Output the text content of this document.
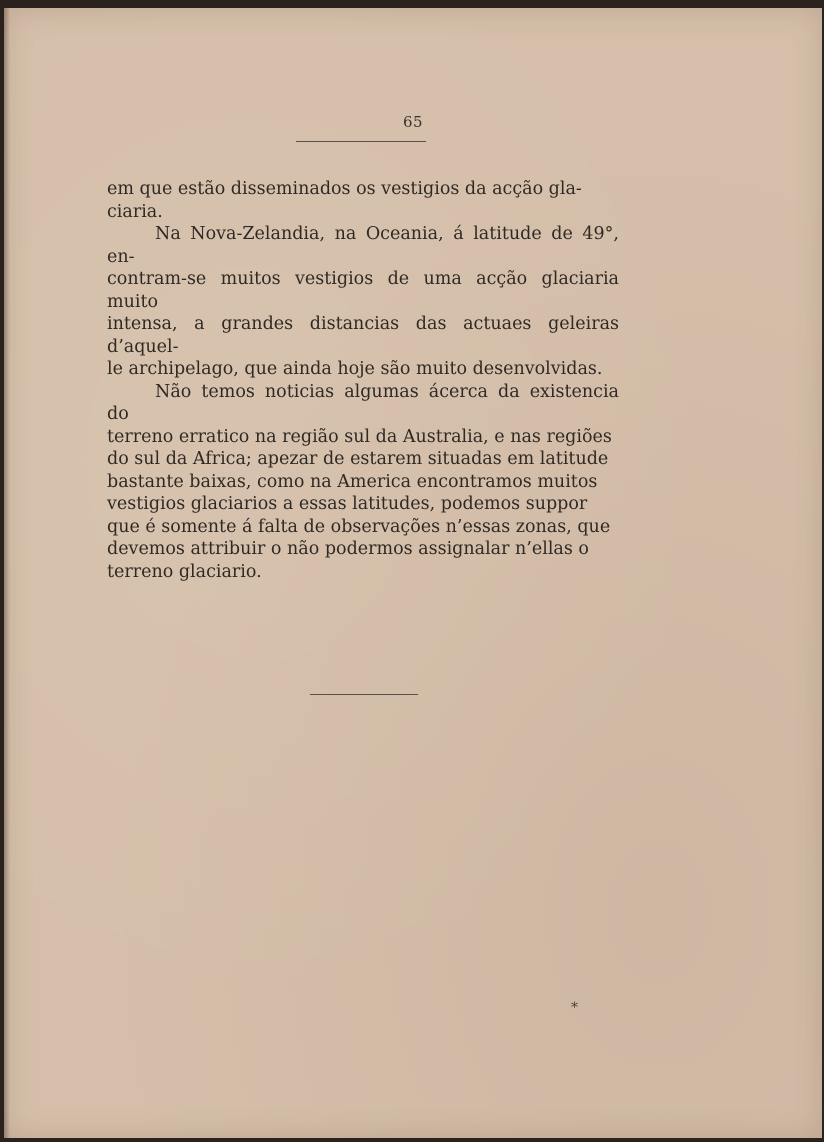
65

em que estão disseminados os vestigios da acção gla-
ciaria.

Na Nova-Zelandia, na Oceania, á latitude de 49°, en-
contram-se muitos vestigios de uma acção glaciaria muito
intensa, a grandes distancias das actuaes geleiras d’aquel-
le archipelago, que ainda hoje são muito desenvolvidas.

Não temos noticias algumas ácerca da existencia do
terreno erratico na região sul da Australia, e nas regiões
do sul da Africa; apezar de estarem situadas em latitude
bastante baixas, como na America encontramos muitos
vestigios glaciarios a essas latitudes, podemos suppor
que é somente á falta de observações n’essas zonas, que
devemos attribuir o não podermos assignalar n’ellas o
terreno glaciario.

*
